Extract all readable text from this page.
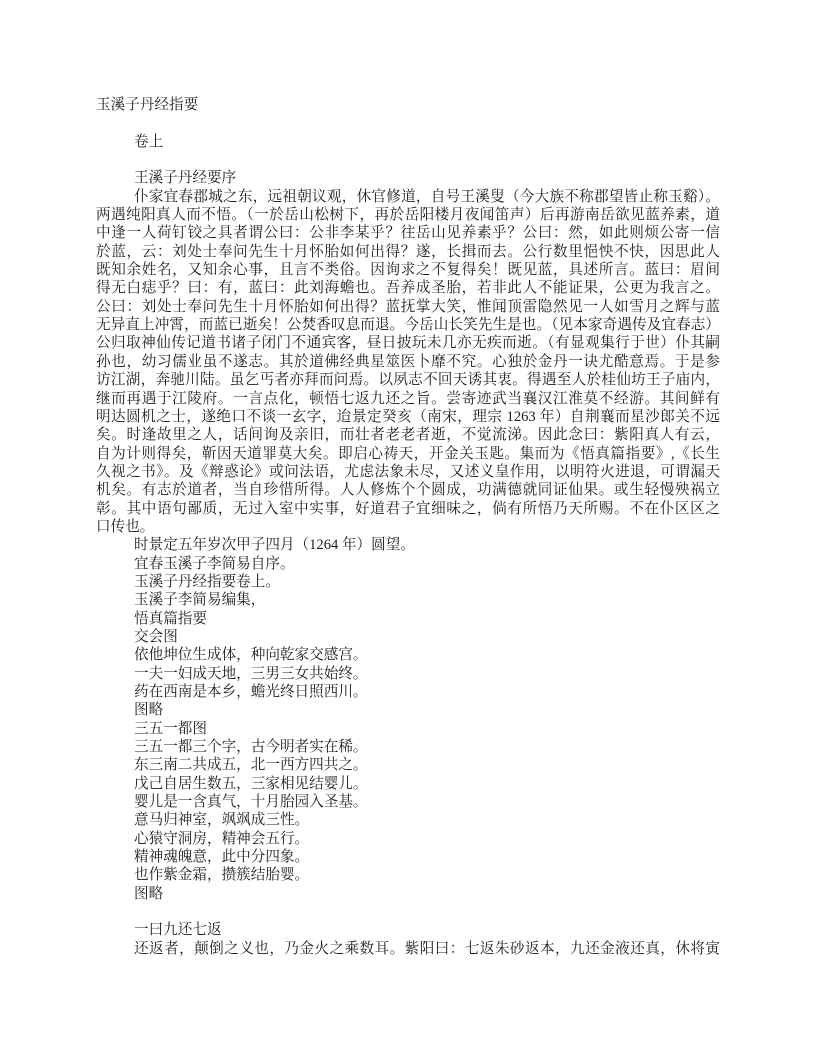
玉溪子丹经指要
卷上
王溪子丹经要序
仆家宜春郡城之东，远祖朝议观，休官修道，自号王溪叟（今大族不称郡望皆止称玉谿）。
两遇纯阳真人而不悟。（一於岳山松树下，再於岳阳楼月夜闻笛声）后再游南岳欲见蓝养素，道
中逢一人荷钉铰之具者谓公曰：公非李某乎？往岳山见养素乎？公曰：然，如此则烦公寄一信
於蓝，云：刘处士奉问先生十月怀胎如何出得？遂，长揖而去。公行数里悒怏不快，因思此人
既知余姓名，又知余心事，且言不类俗。因询求之不复得矣！既见蓝，具述所言。蓝曰：眉间
得无白痣乎？曰：有，蓝曰：此刘海蟾也。吾养成圣胎，若非此人不能证果，公更为我言之。
公曰：刘处士奉问先生十月怀胎如何出得？蓝抚掌大笑，惟闻顶雷隐然见一人如雪月之辉与蓝
无异直上冲霄，而蓝已逝矣！公焚香叹息而退。今岳山长笑先生是也。（见本家奇遇传及宜春志）
公归取神仙传记道书诸子闭门不通宾客，昼日披玩未几亦无疾而逝。（有显观集行于世）仆其嗣
孙也，幼习儒业虽不遂志。其於道佛经典星筮医卜靡不究。心独於金丹一诀尤酷意焉。于是参
访江湖，奔驰川陆。虽乞丐者亦拜而问焉。以夙志不回天诱其衷。得遇至人於桂仙坊王子庙内，
继而再遇于江陵府。一言点化，顿悟七返九还之旨。尝寄迹武当襄汉江淮莫不经游。其间鲜有
明达圆机之士，遂绝口不谈一玄字，迨景定癸亥（南宋，理宗 1263 年）自荆襄而星沙郎关不远
矣。时逢故里之人，话间询及亲旧，而壮者老老者逝，不觉流涕。因此念曰：紫阳真人有云，
自为计则得矣，靳因天道罪莫大矣。即启心祷天，开金关玉匙。集而为《悟真篇指要》,《长生
久视之书》。及《辩惑论》或问法语，尤虑法象未尽，又述义皇作用，以明符火进退，可谓漏天
机矣。有志於道者，当自珍惜所得。人人修炼个个圆成，功满德就同证仙果。或生轻慢殃祸立
彰。其中语句鄙质，无过入室中实事，好道君子宜细味之，倘有所悟乃天所赐。不在仆区区之
口传也。
时景定五年岁次甲子四月（1264 年）圆望。
宜春玉溪子李简易自序。
玉溪子丹经指要卷上。
玉溪子李简易编集，
悟真篇指要
交会图
依他坤位生成体，种向乾家交感宫。
一夫一妇成天地，三男三女共始终。
药在西南是本乡，蟾光终日照西川。
图略
三五一都图
三五一都三个字，古今明者实在稀。
东三南二共成五，北一西方四共之。
戊己自居生数五，三家相见结婴儿。
婴儿是一含真气，十月胎园入圣基。
意马归神室，飒飒成三性。
心猿守洞房，精神会五行。
精神魂魄意，此中分四象。
也作紫金霜，攒簇结胎婴。
图略
一曰九还七返
还返者，颠倒之义也，乃金火之乘数耳。紫阳曰：七返朱砂返本，九还金液还真，休将寅
